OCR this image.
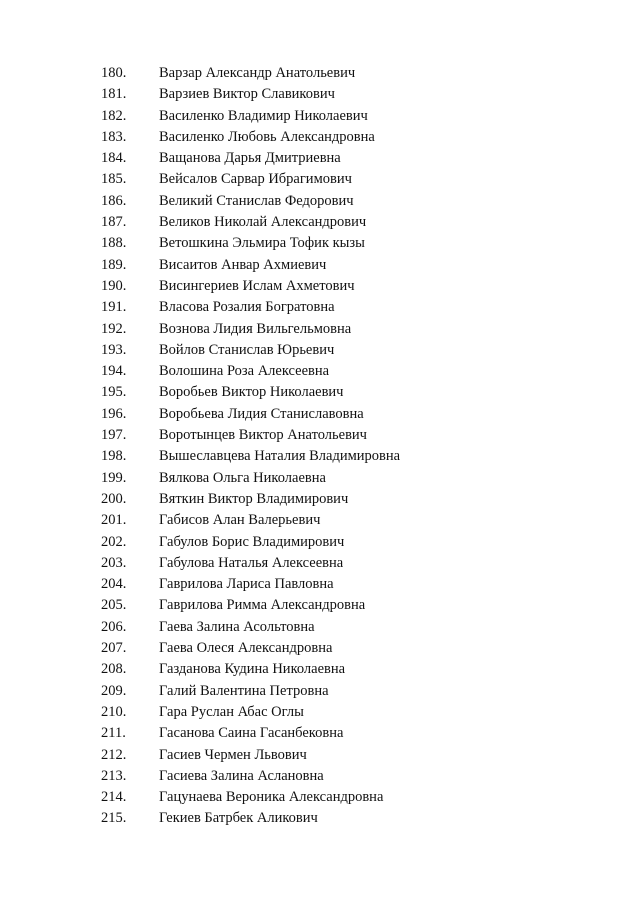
180. Варзар Александр Анатольевич
181. Варзиев Виктор Славикович
182. Василенко Владимир Николаевич
183. Василенко Любовь Александровна
184. Ващанова Дарья Дмитриевна
185. Вейсалов Сарвар Ибрагимович
186. Великий Станислав Федорович
187. Великов Николай Александрович
188. Ветошкина Эльмира Тофик кызы
189. Висаитов Анвар Ахмиевич
190. Висингериев Ислам Ахметович
191. Власова Розалия Богратовна
192. Вознова Лидия Вильгельмовна
193. Войлов Станислав Юрьевич
194. Волошина Роза Алексеевна
195. Воробьев Виктор Николаевич
196. Воробьева Лидия Станиславовна
197. Воротынцев Виктор Анатольевич
198. Вышеславцева Наталия Владимировна
199. Вялкова Ольга Николаевна
200. Вяткин Виктор Владимирович
201. Габисов Алан Валерьевич
202. Габулов Борис Владимирович
203. Габулова Наталья Алексеевна
204. Гаврилова Лариса Павловна
205. Гаврилова Римма Александровна
206. Гаева Залина Асольтовна
207. Гаева Олеся Александровна
208. Газданова Кудина Николаевна
209. Галий Валентина Петровна
210. Гара Руслан Абас Оглы
211. Гасанова Саина Гасанбековна
212. Гасиев Чермен Львович
213. Гасиева Залина Аслановна
214. Гацунаева Вероника Александровна
215. Гекиев Батрбек Аликович
